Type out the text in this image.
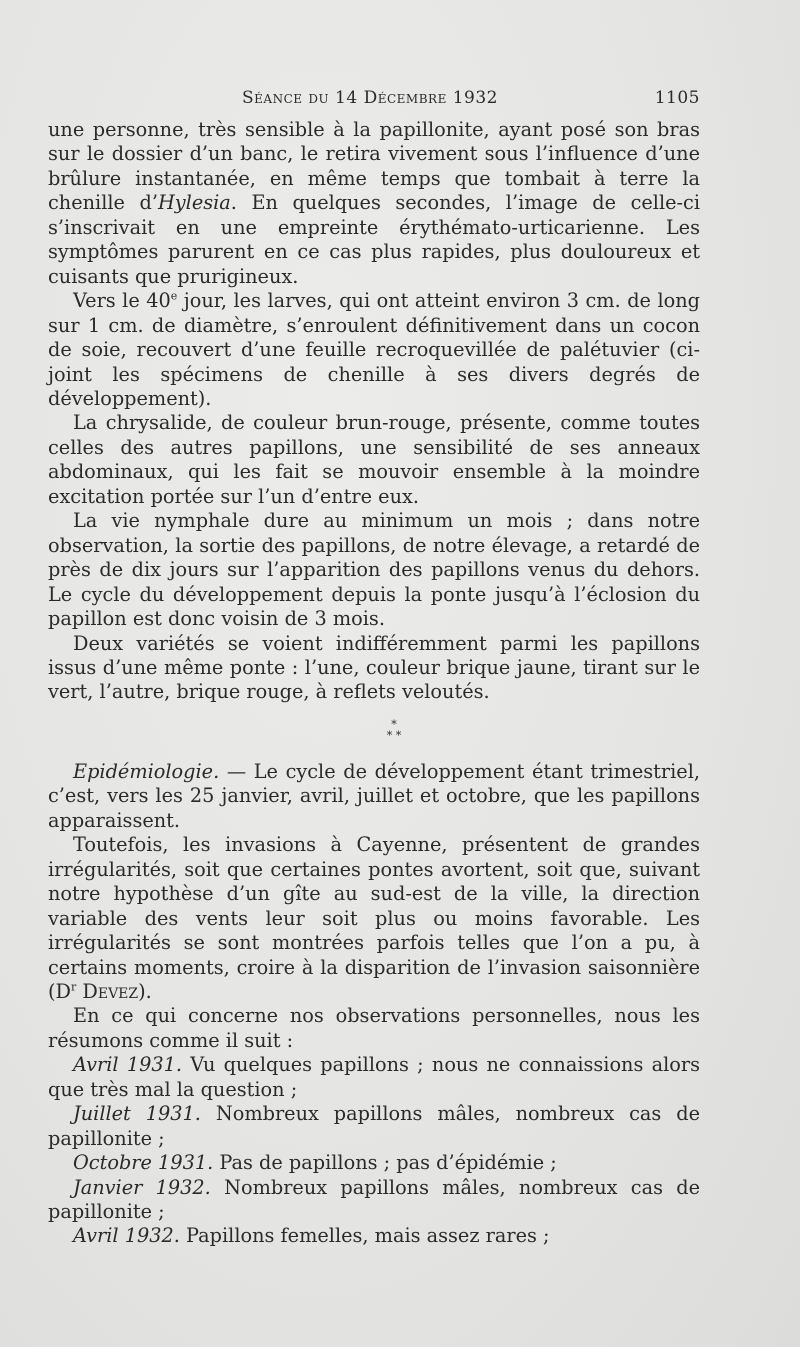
Séance du 14 Décembre 1932	1105

une personne, très sensible à la papillonite, ayant posé son bras sur le dossier d’un banc, le retira vivement sous l’influence d’une brûlure instantanée, en même temps que tombait à terre la chenille d’Hylesia. En quelques secondes, l’image de celle-ci s’inscrivait en une empreinte érythémato-urticarienne. Les symptômes parurent en ce cas plus rapides, plus douloureux et cuisants que prurigineux.

Vers le 40e jour, les larves, qui ont atteint environ 3 cm. de long sur 1 cm. de diamètre, s’enroulent définitivement dans un cocon de soie, recouvert d’une feuille recroquevillée de palétuvier (ci-joint les spécimens de chenille à ses divers degrés de développement).

La chrysalide, de couleur brun-rouge, présente, comme toutes celles des autres papillons, une sensibilité de ses anneaux abdominaux, qui les fait se mouvoir ensemble à la moindre excitation portée sur l’un d’entre eux.

La vie nymphale dure au minimum un mois ; dans notre observation, la sortie des papillons, de notre élevage, a retardé de près de dix jours sur l’apparition des papillons venus du dehors. Le cycle du développement depuis la ponte jusqu’à l’éclosion du papillon est donc voisin de 3 mois.

Deux variétés se voient indifféremment parmi les papillons issus d’une même ponte : l’une, couleur brique jaune, tirant sur le vert, l’autre, brique rouge, à reflets veloutés.

*
* *

Epidémiologie. — Le cycle de développement étant trimestriel, c’est, vers les 25 janvier, avril, juillet et octobre, que les papillons apparaissent.

Toutefois, les invasions à Cayenne, présentent de grandes irrégularités, soit que certaines pontes avortent, soit que, suivant notre hypothèse d’un gîte au sud-est de la ville, la direction variable des vents leur soit plus ou moins favorable. Les irrégularités se sont montrées parfois telles que l’on a pu, à certains moments, croire à la disparition de l’invasion saisonnière ($D^r$ Devez).

En ce qui concerne nos observations personnelles, nous les résumons comme il suit :

Avril 1931. Vu quelques papillons ; nous ne connaissions alors que très mal la question ;

Juillet 1931. Nombreux papillons mâles, nombreux cas de papillonite ;

Octobre 1931. Pas de papillons ; pas d’épidémie ;

Janvier 1932. Nombreux papillons mâles, nombreux cas de papillonite ;

Avril 1932. Papillons femelles, mais assez rares ;
